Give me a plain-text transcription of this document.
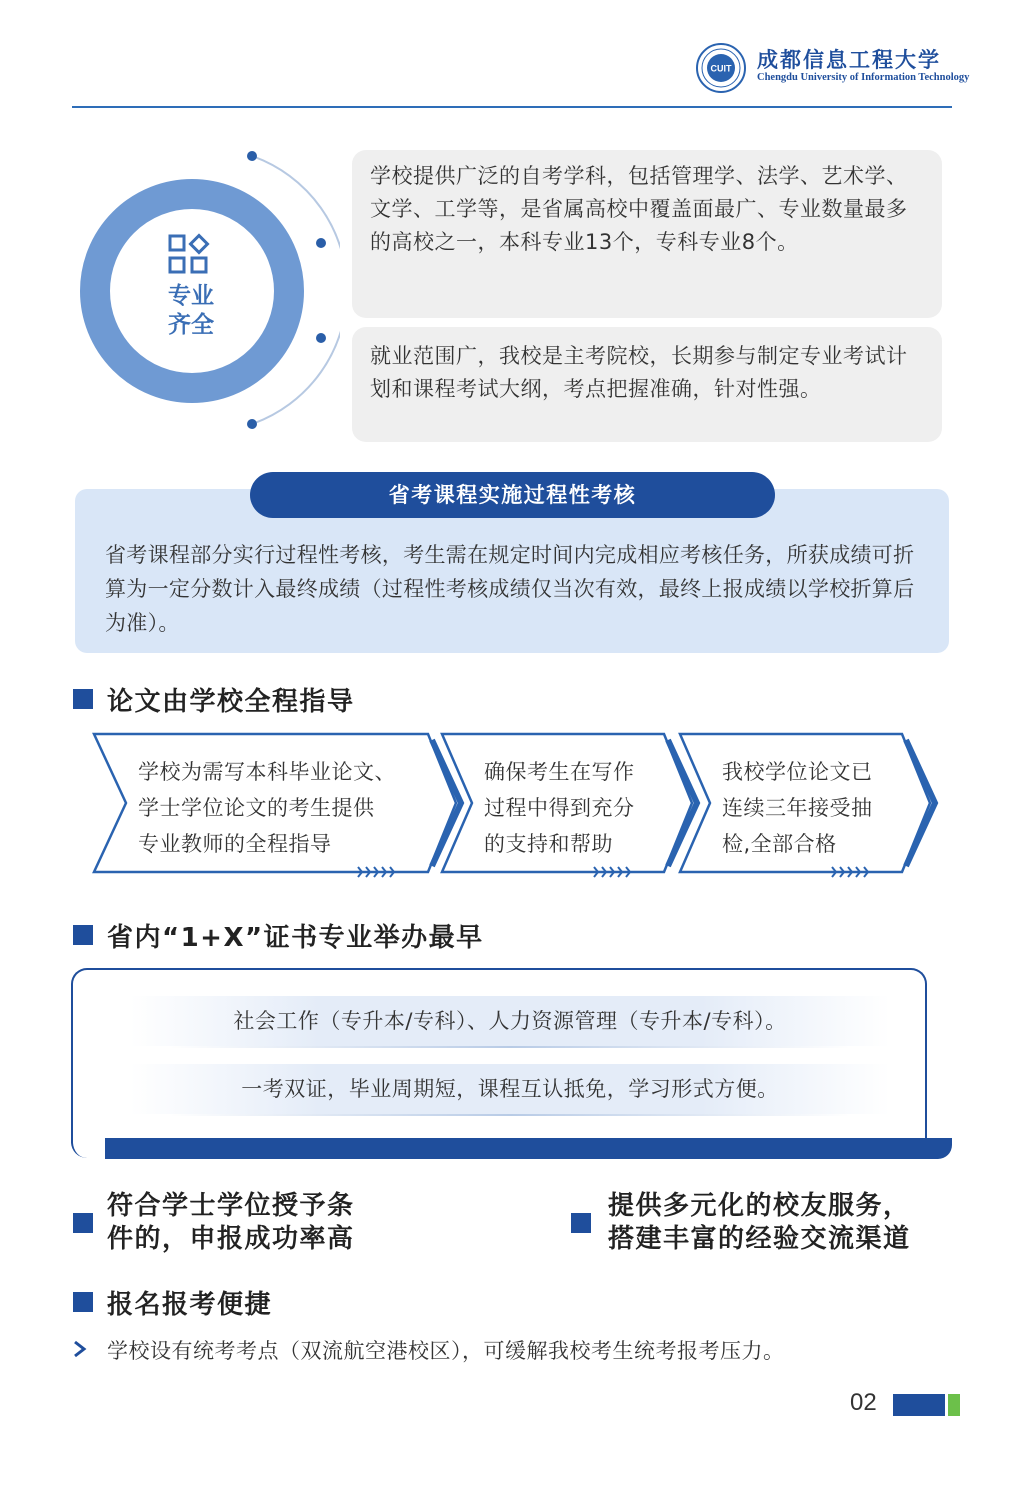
CUIT 成都信息工程大学
Chengdu University of Information Technology
专业
齐全
学校提供广泛的自考学科，包括管理学、法学、艺术学、文学、工学等，是省属高校中覆盖面最广、专业数量最多的高校之一，本科专业13个，专科专业8个。
就业范围广，我校是主考院校，长期参与制定专业考试计划和课程考试大纲，考点把握准确，针对性强。
省考课程实施过程性考核
省考课程部分实行过程性考核，考生需在规定时间内完成相应考核任务，所获成绩可折算为一定分数计入最终成绩（过程性考核成绩仅当次有效，最终上报成绩以学校折算后为准）。
论文由学校全程指导
学校为需写本科毕业论文、
学士学位论文的考生提供
专业教师的全程指导
确保考生在写作
过程中得到充分
的支持和帮助
我校学位论文已
连续三年接受抽
检,全部合格
省内“1+X”证书专业举办最早
社会工作（专升本/专科）、人力资源管理（专升本/专科）。
一考双证，毕业周期短，课程互认抵免，学习形式方便。
符合学士学位授予条
件的，申报成功率高
提供多元化的校友服务，
搭建丰富的经验交流渠道
报名报考便捷
学校设有统考考点（双流航空港校区），可缓解我校考生统考报考压力。
02
